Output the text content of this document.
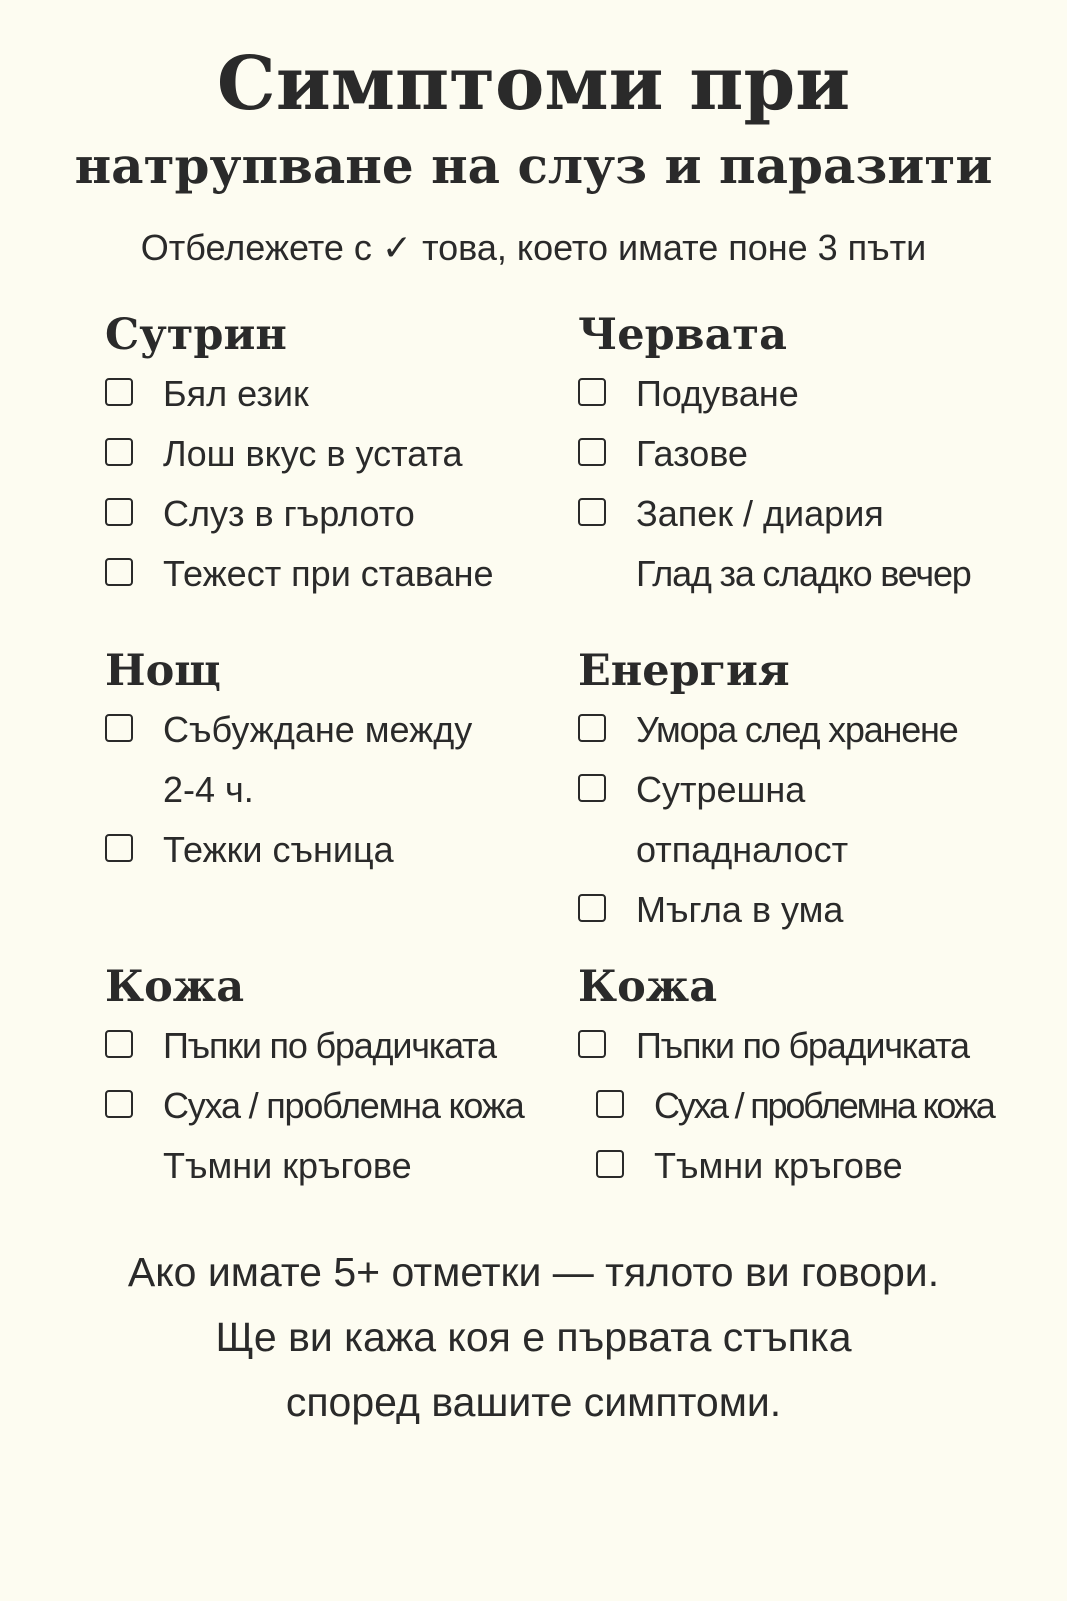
Симптоми при
натрупване на слуз и паразити
Отбележете с ✓ това, което имате поне 3 пъти
Сутрин
Бял език
Лош вкус в устата
Слуз в гърлото
Тежест при ставане
Червата
Подуване
Газове
Запек / диария
Глад за сладко вечер
Нощ
Събуждане между
2-4 ч.
Тежки съница
Енергия
Умора след хранене
Сутрешна
отпадналост
Мъгла в ума
Кожа
Пъпки по брадичката
Суха / проблемна кожа
Тъмни кръгове
Кожа
Пъпки по брадичката
Суха / проблемна кожа
Тъмни кръгове
Ако имате 5+ отметки — тялото ви говори.
Ще ви кажа коя е първата стъпка
според вашите симптоми.
